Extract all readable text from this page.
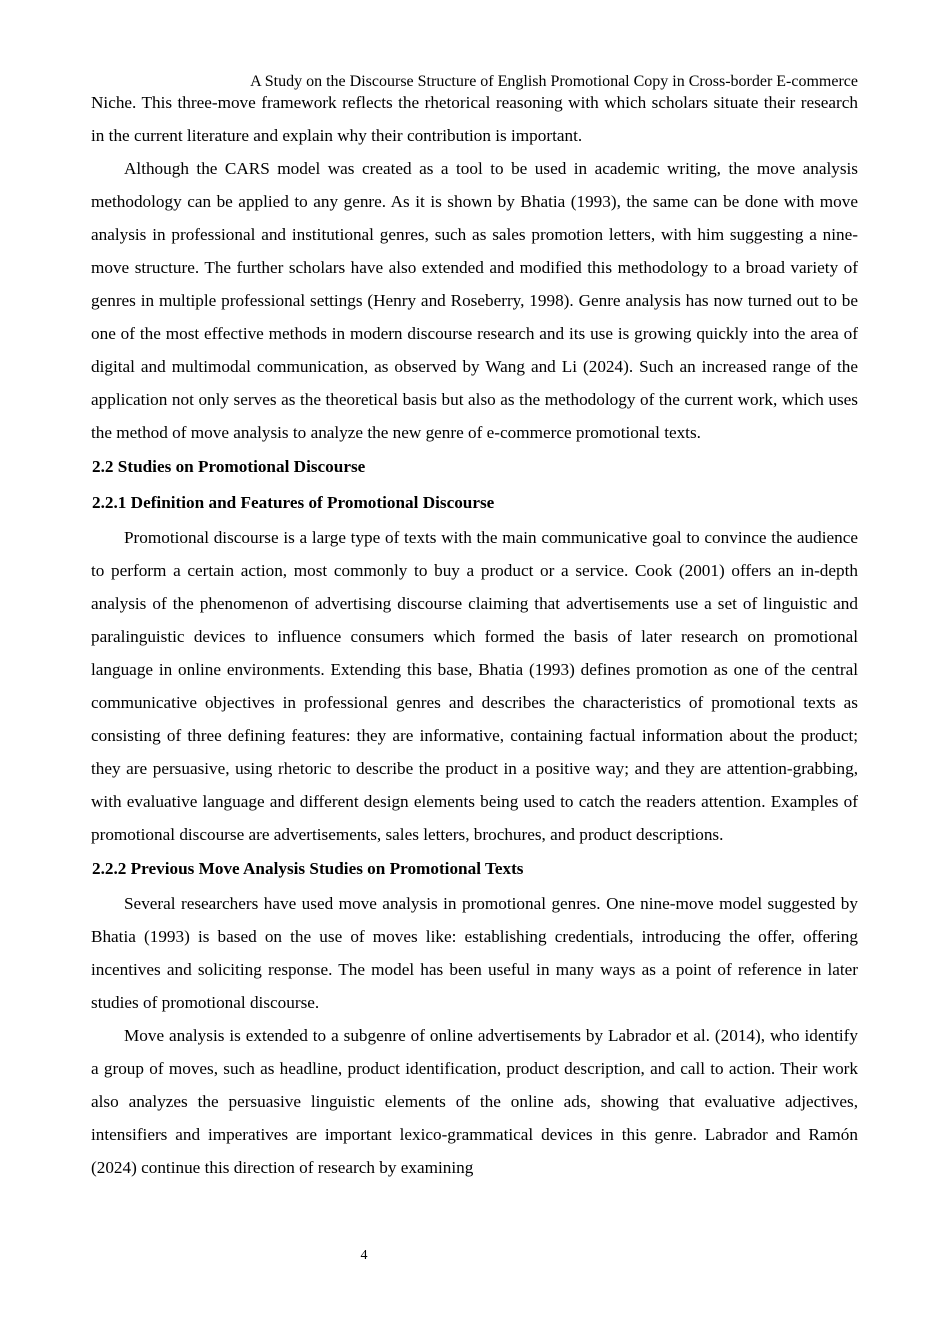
A Study on the Discourse Structure of English Promotional Copy in Cross-border E-commerce

Niche. This three-move framework reflects the rhetorical reasoning with which scholars situate their research in the current literature and explain why their contribution is important.

Although the CARS model was created as a tool to be used in academic writing, the move analysis methodology can be applied to any genre. As it is shown by Bhatia (1993), the same can be done with move analysis in professional and institutional genres, such as sales promotion letters, with him suggesting a nine-move structure. The further scholars have also extended and modified this methodology to a broad variety of genres in multiple professional settings (Henry and Roseberry, 1998). Genre analysis has now turned out to be one of the most effective methods in modern discourse research and its use is growing quickly into the area of digital and multimodal communication, as observed by Wang and Li (2024). Such an increased range of the application not only serves as the theoretical basis but also as the methodology of the current work, which uses the method of move analysis to analyze the new genre of e-commerce promotional texts.

2.2 Studies on Promotional Discourse
2.2.1 Definition and Features of Promotional Discourse

Promotional discourse is a large type of texts with the main communicative goal to convince the audience to perform a certain action, most commonly to buy a product or a service. Cook (2001) offers an in-depth analysis of the phenomenon of advertising discourse claiming that advertisements use a set of linguistic and paralinguistic devices to influence consumers which formed the basis of later research on promotional language in online environments. Extending this base, Bhatia (1993) defines promotion as one of the central communicative objectives in professional genres and describes the characteristics of promotional texts as consisting of three defining features: they are informative, containing factual information about the product; they are persuasive, using rhetoric to describe the product in a positive way; and they are attention-grabbing, with evaluative language and different design elements being used to catch the readers attention. Examples of promotional discourse are advertisements, sales letters, brochures, and product descriptions.

2.2.2 Previous Move Analysis Studies on Promotional Texts

Several researchers have used move analysis in promotional genres. One nine-move model suggested by Bhatia (1993) is based on the use of moves like: establishing credentials, introducing the offer, offering incentives and soliciting response. The model has been useful in many ways as a point of reference in later studies of promotional discourse.

Move analysis is extended to a subgenre of online advertisements by Labrador et al. (2014), who identify a group of moves, such as headline, product identification, product description, and call to action. Their work also analyzes the persuasive linguistic elements of the online ads, showing that evaluative adjectives, intensifiers and imperatives are important lexico-grammatical devices in this genre. Labrador and Ramón (2024) continue this direction of research by examining

4
